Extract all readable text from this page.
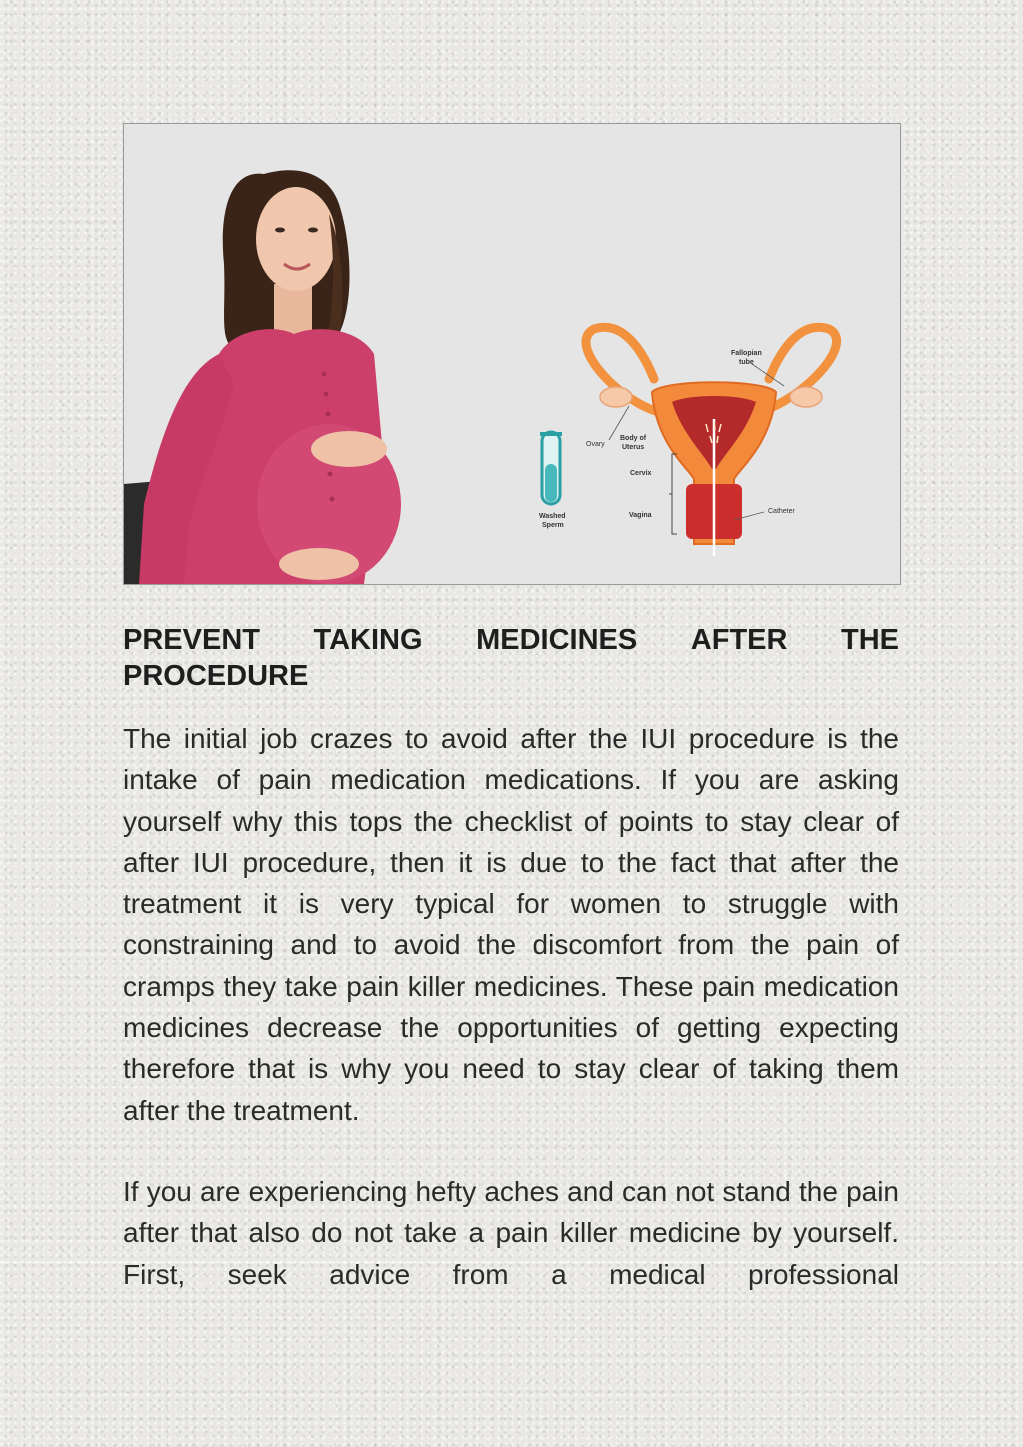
Washed
Sperm
Fallopian
tube
Ovary
Body of
Uterus
Cervix
Vagina
Catheter
PREVENT TAKING MEDICINES AFTER THE
PROCEDURE

The initial job crazes to avoid after the IUI procedure is the intake of pain medication medications. If you are asking yourself why this tops the checklist of points to stay clear of after IUI procedure, then it is due to the fact that after the treatment it is very typical for women to struggle with constraining and to avoid the discomfort from the pain of cramps they take pain killer medicines. These pain medication medicines decrease the opportunities of getting expecting therefore that is why you need to stay clear of taking them after the treatment.

If you are experiencing hefty aches and can not stand the pain after that also do not take a pain killer medicine by yourself. First, seek advice from a medical professional
